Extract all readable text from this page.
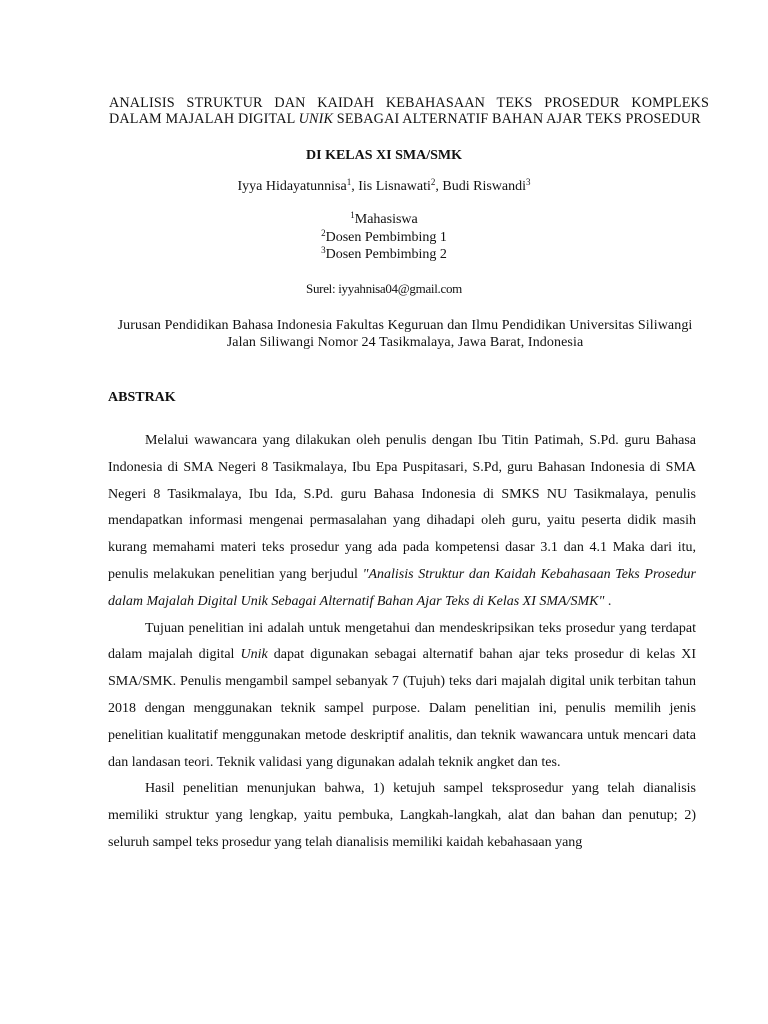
ANALISIS STRUKTUR DAN KAIDAH KEBAHASAAN TEKS PROSEDUR KOMPLEKS DALAM MAJALAH DIGITAL UNIK SEBAGAI ALTERNATIF BAHAN AJAR TEKS PROSEDUR
DI KELAS XI SMA/SMK
Iyya Hidayatunnisa$^1$, Iis Lisnawati$^2$, Budi Riswandi$^3$
$^1$Mahasiswa
$^2$Dosen Pembimbing 1
$^3$Dosen Pembimbing 2
Surel: iyyahnisa04@gmail.com
Jurusan Pendidikan Bahasa Indonesia Fakultas Keguruan dan Ilmu Pendidikan Universitas Siliwangi
Jalan Siliwangi Nomor 24 Tasikmalaya, Jawa Barat, Indonesia
ABSTRAK

Melalui wawancara yang dilakukan oleh penulis dengan Ibu Titin Patimah, S.Pd. guru Bahasa Indonesia di SMA Negeri 8 Tasikmalaya, Ibu Epa Puspitasari, S.Pd, guru Bahasan Indonesia di SMA Negeri 8 Tasikmalaya, Ibu Ida, S.Pd. guru Bahasa Indonesia di SMKS NU Tasikmalaya, penulis mendapatkan informasi mengenai permasalahan yang dihadapi oleh guru, yaitu peserta didik masih kurang memahami materi teks prosedur yang ada pada kompetensi dasar 3.1 dan 4.1 Maka dari itu, penulis melakukan penelitian yang berjudul "Analisis Struktur dan Kaidah Kebahasaan Teks Prosedur dalam Majalah Digital Unik Sebagai Alternatif Bahan Ajar Teks di Kelas XI SMA/SMK" .

Tujuan penelitian ini adalah untuk mengetahui dan mendeskripsikan teks prosedur yang terdapat dalam majalah digital Unik dapat digunakan sebagai alternatif bahan ajar teks prosedur di kelas XI SMA/SMK. Penulis mengambil sampel sebanyak 7 (Tujuh) teks dari majalah digital unik terbitan tahun 2018 dengan menggunakan teknik sampel purpose. Dalam penelitian ini, penulis memilih jenis penelitian kualitatif menggunakan metode deskriptif analitis, dan teknik wawancara untuk mencari data dan landasan teori. Teknik validasi yang digunakan adalah teknik angket dan tes.

Hasil penelitian menunjukan bahwa, 1) ketujuh sampel teksprosedur yang telah dianalisis memiliki struktur yang lengkap, yaitu pembuka, Langkah-langkah, alat dan bahan dan penutup; 2) seluruh sampel teks prosedur yang telah dianalisis memiliki kaidah kebahasaan yang
